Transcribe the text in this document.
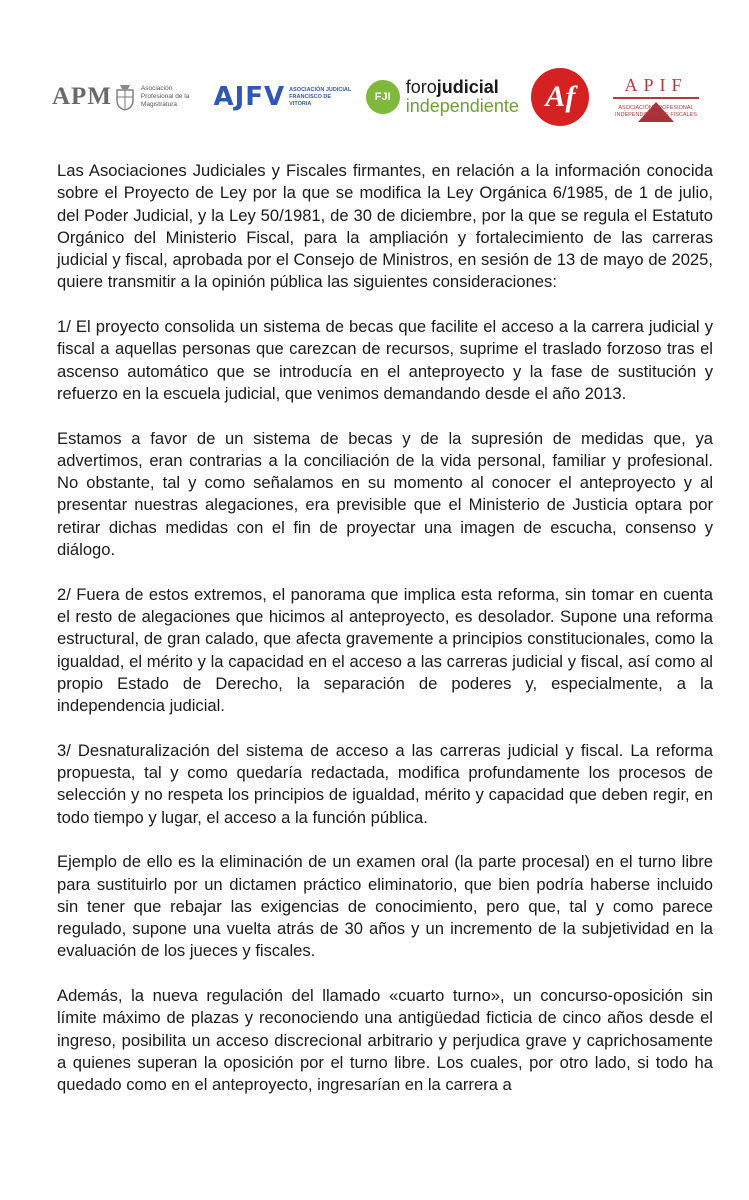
APM	Asociación Profesional de la Magistratura	AJFV ASOCIACIÓN JUDICIAL FRANCISCO DE VITORIA
FJI forojudicial
independiente Af	APIF
ASOCIACIÓN PROFESIONAL INDEPENDIENTE DE FISCALES

Las Asociaciones Judiciales y Fiscales firmantes, en relación a la información conocida sobre el Proyecto de Ley por la que se modifica la Ley Orgánica 6/1985, de 1 de julio, del Poder Judicial, y la Ley 50/1981, de 30 de diciembre, por la que se regula el Estatuto Orgánico del Ministerio Fiscal, para la ampliación y fortalecimiento de las carreras judicial y fiscal, aprobada por el Consejo de Ministros, en sesión de 13 de mayo de 2025, quiere transmitir a la opinión pública las siguientes consideraciones:

1/ El proyecto consolida un sistema de becas que facilite el acceso a la carrera judicial y fiscal a aquellas personas que carezcan de recursos, suprime el traslado forzoso tras el ascenso automático que se introducía en el anteproyecto y la fase de sustitución y refuerzo en la escuela judicial, que venimos demandando desde el año 2013.

Estamos a favor de un sistema de becas y de la supresión de medidas que, ya advertimos, eran contrarias a la conciliación de la vida personal, familiar y profesional. No obstante, tal y como señalamos en su momento al conocer el anteproyecto y al presentar nuestras alegaciones, era previsible que el Ministerio de Justicia optara por retirar dichas medidas con el fin de proyectar una imagen de escucha, consenso y diálogo.

2/ Fuera de estos extremos, el panorama que implica esta reforma, sin tomar en cuenta el resto de alegaciones que hicimos al anteproyecto, es desolador. Supone una reforma estructural, de gran calado, que afecta gravemente a principios constitucionales, como la igualdad, el mérito y la capacidad en el acceso a las carreras judicial y fiscal, así como al propio Estado de Derecho, la separación de poderes y, especialmente, a la independencia judicial.

3/ Desnaturalización del sistema de acceso a las carreras judicial y fiscal. La reforma propuesta, tal y como quedaría redactada, modifica profundamente los procesos de selección y no respeta los principios de igualdad, mérito y capacidad que deben regir, en todo tiempo y lugar, el acceso a la función pública.

Ejemplo de ello es la eliminación de un examen oral (la parte procesal) en el turno libre para sustituirlo por un dictamen práctico eliminatorio, que bien podría haberse incluido sin tener que rebajar las exigencias de conocimiento, pero que, tal y como parece regulado, supone una vuelta atrás de 30 años y un incremento de la subjetividad en la evaluación de los jueces y fiscales.

Además, la nueva regulación del llamado «cuarto turno», un concurso-oposición sin límite máximo de plazas y reconociendo una antigüedad ficticia de cinco años desde el ingreso, posibilita un acceso discrecional arbitrario y perjudica grave y caprichosamente a quienes superan la oposición por el turno libre. Los cuales, por otro lado, si todo ha quedado como en el anteproyecto, ingresarían en la carrera a
